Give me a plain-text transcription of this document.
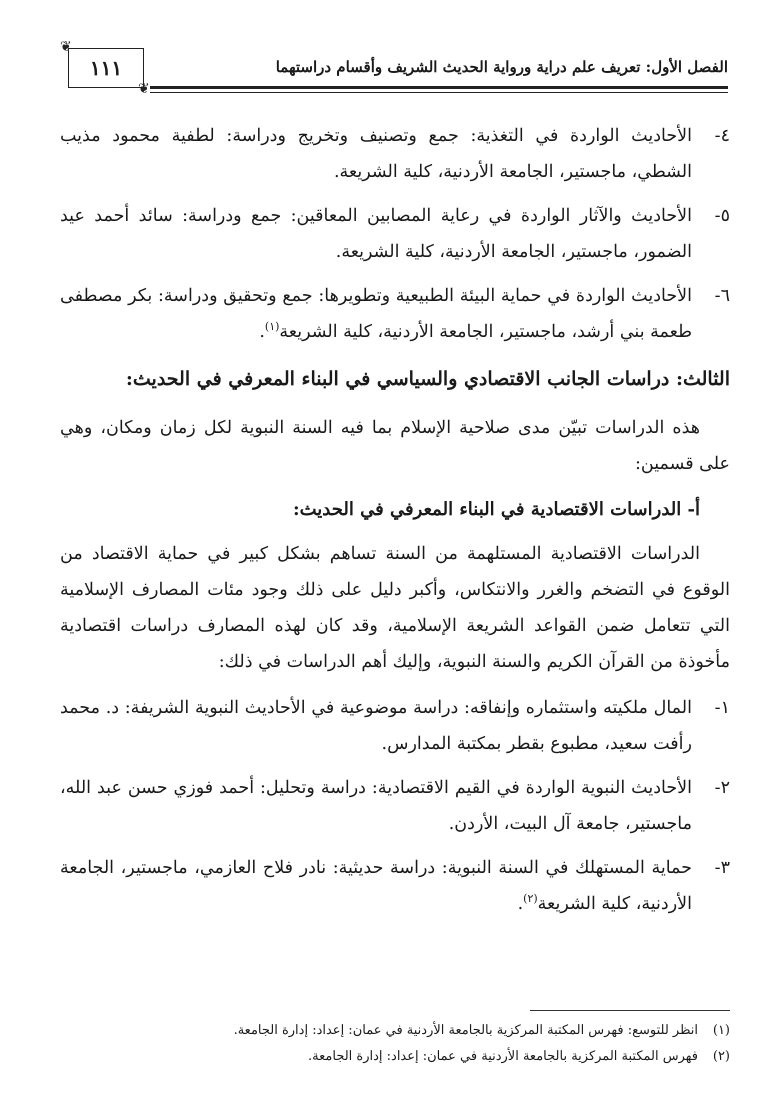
❦
١١١
❦
الفصل الأول: تعريف علم دراية ورواية الحديث الشريف وأقسام دراستهما
٤-
الأحاديث الواردة في التغذية: جمع وتصنيف وتخريج ودراسة: لطفية محمود مذيب الشطي، ماجستير، الجامعة الأردنية، كلية الشريعة.
٥-
الأحاديث والآثار الواردة في رعاية المصابين المعاقين: جمع ودراسة: سائد أحمد عيد الضمور، ماجستير، الجامعة الأردنية، كلية الشريعة.
٦-
الأحاديث الواردة في حماية البيئة الطبيعية وتطويرها: جمع وتحقيق ودراسة: بكر مصطفى طعمة بني أرشد، ماجستير، الجامعة الأردنية، كلية الشريعة$^{(١)}$.
الثالث: دراسات الجانب الاقتصادي والسياسي في البناء المعرفي في الحديث:

هذه الدراسات تبيّن مدى صلاحية الإسلام بما فيه السنة النبوية لكل زمان ومكان، وهي على قسمين:

أ- الدراسات الاقتصادية في البناء المعرفي في الحديث:

الدراسات الاقتصادية المستلهمة من السنة تساهم بشكل كبير في حماية الاقتصاد من الوقوع في التضخم والغرر والانتكاس، وأكبر دليل على ذلك وجود مئات المصارف الإسلامية التي تتعامل ضمن القواعد الشريعة الإسلامية، وقد كان لهذه المصارف دراسات اقتصادية مأخوذة من القرآن الكريم والسنة النبوية، وإليك أهم الدراسات في ذلك:

١-
المال ملكيته واستثماره وإنفاقه: دراسة موضوعية في الأحاديث النبوية الشريفة: د. محمد رأفت سعيد، مطبوع بقطر بمكتبة المدارس.
٢-
الأحاديث النبوية الواردة في القيم الاقتصادية: دراسة وتحليل: أحمد فوزي حسن عبد الله، ماجستير، جامعة آل البيت، الأردن.
٣-
حماية المستهلك في السنة النبوية: دراسة حديثية: نادر فلاح العازمي، ماجستير، الجامعة الأردنية، كلية الشريعة$^{(٢)}$.
(١)
انظر للتوسع: فهرس المكتبة المركزية بالجامعة الأردنية في عمان: إعداد: إدارة الجامعة.
(٢)
فهرس المكتبة المركزية بالجامعة الأردنية في عمان: إعداد: إدارة الجامعة.
